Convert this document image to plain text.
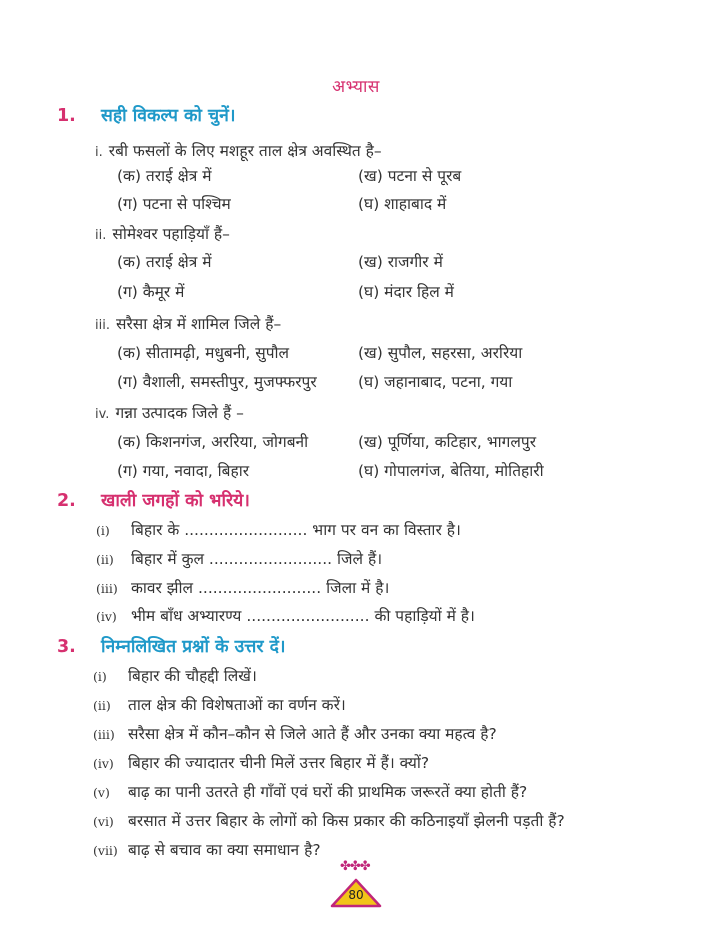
अभ्यास
1.	सही विकल्प को चुनें।
i. रबी फसलों के लिए मशहूर ताल क्षेत्र अवस्थित है–
(क) तराई क्षेत्र में	(ख) पटना से पूरब
(ग) पटना से पश्चिम	(घ) शाहाबाद में
ii. सोमेश्वर पहाड़ियाँ हैं–
(क) तराई क्षेत्र में	(ख) राजगीर में
(ग) कैमूर में	(घ) मंदार हिल में
iii. सरैसा क्षेत्र में शामिल जिले हैं–
(क) सीतामढ़ी, मधुबनी, सुपौल	(ख) सुपौल, सहरसा, अररिया
(ग) वैशाली, समस्तीपुर, मुजफ्फरपुर	(घ) जहानाबाद, पटना, गया
iv. गन्ना उत्पादक जिले हैं –
(क) किशनगंज, अररिया, जोगबनी	(ख) पूर्णिया, कटिहार, भागलपुर
(ग) गया, नवादा, बिहार	(घ) गोपालगंज, बेतिया, मोतिहारी
2.	खाली जगहों को भरिये।
(i)	बिहार के ......................... भाग पर वन का विस्तार है।
(ii)	बिहार में कुल ......................... जिले हैं।
(iii) कावर झील ......................... जिला में है।
(iv) भीम बाँध अभ्यारण्य ......................... की पहाड़ियों में है।
3.	निम्नलिखित प्रश्नों के उत्तर दें।
(i)	बिहार की चौहद्दी लिखें।
(ii)	ताल क्षेत्र की विशेषताओं का वर्णन करें।
(iii) सरैसा क्षेत्र में कौन–कौन से जिले आते हैं और उनका क्या महत्व है?
(iv) बिहार की ज्यादातर चीनी मिलें उत्तर बिहार में हैं। क्यों?
(v)	बाढ़ का पानी उतरते ही गाँवों एवं घरों की प्राथमिक जरूरतें क्या होती हैं?
(vi) बरसात में उत्तर बिहार के लोगों को किस प्रकार की कठिनाइयाँ झेलनी पड़ती हैं?
(vii) बाढ़ से बचाव का क्या समाधान है?
✤✤✤
80
